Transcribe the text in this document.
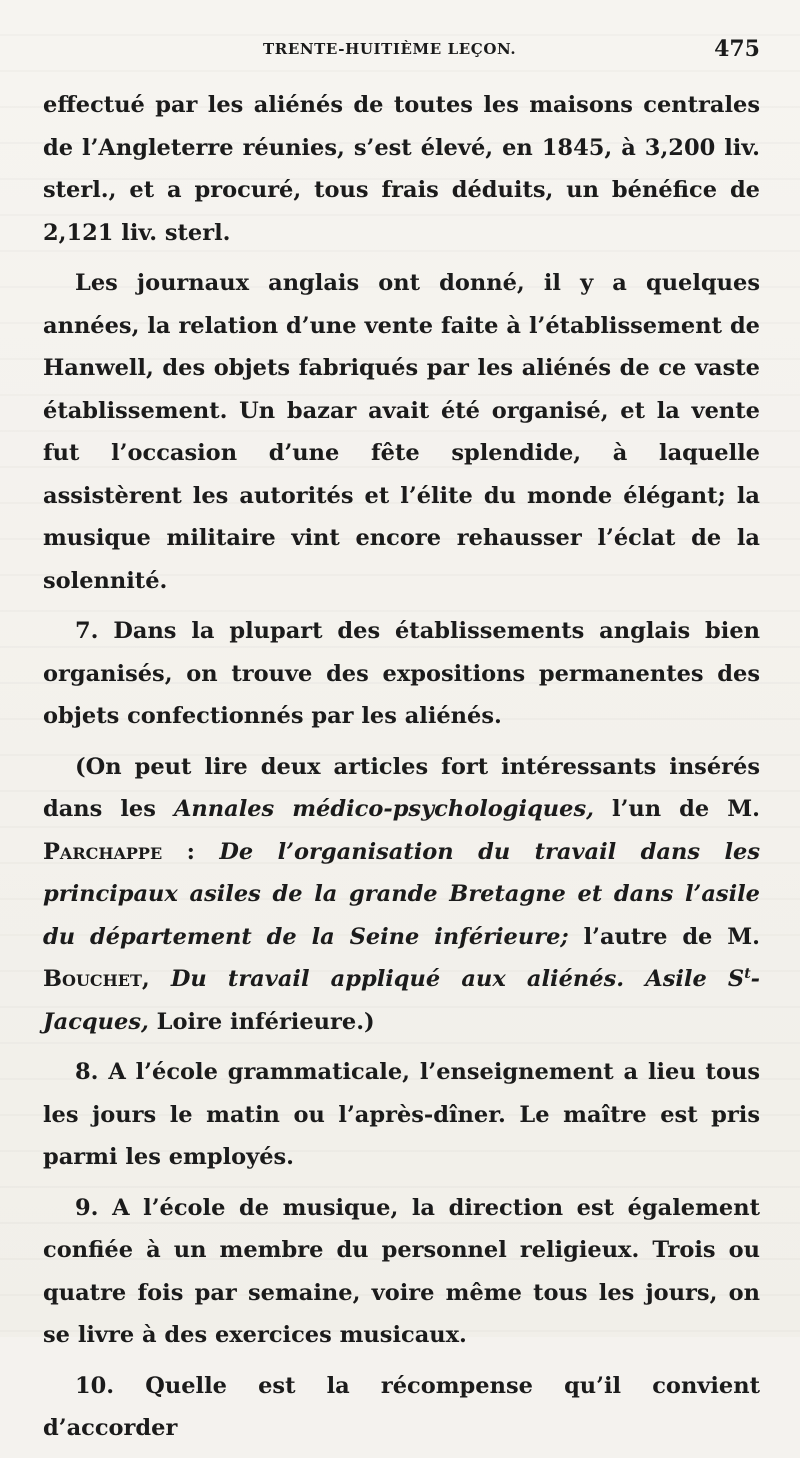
TRENTE-HUITIÈME LEÇON.	475

effectué par les aliénés de toutes les maisons centrales de l’Angleterre réunies, s’est élevé, en 1845, à 3,200 liv. sterl., et a procuré, tous frais déduits, un bénéfice de 2,121 liv. sterl.

Les journaux anglais ont donné, il y a quelques années, la relation d’une vente faite à l’établissement de Hanwell, des objets fabriqués par les aliénés de ce vaste établissement. Un bazar avait été organisé, et la vente fut l’occasion d’une fête splendide, à laquelle assistèrent les autorités et l’élite du monde élégant; la musique militaire vint encore rehausser l’éclat de la solennité.

7. Dans la plupart des établissements anglais bien organisés, on trouve des expositions permanentes des objets confectionnés par les aliénés.

(On peut lire deux articles fort intéressants insérés dans les Annales médico-psychologiques, l’un de M. Parchappe : De l’organisation du travail dans les principaux asiles de la grande Bretagne et dans l’asile du département de la Seine inférieure; l’autre de M. Bouchet, Du travail appliqué aux aliénés. Asile $S^t$-Jacques, Loire inférieure.)

8. A l’école grammaticale, l’enseignement a lieu tous les jours le matin ou l’après-dîner. Le maître est pris parmi les employés.

9. A l’école de musique, la direction est également confiée à un membre du personnel religieux. Trois ou quatre fois par semaine, voire même tous les jours, on se livre à des exercices musicaux.

10. Quelle est la récompense qu’il convient d’accorder
